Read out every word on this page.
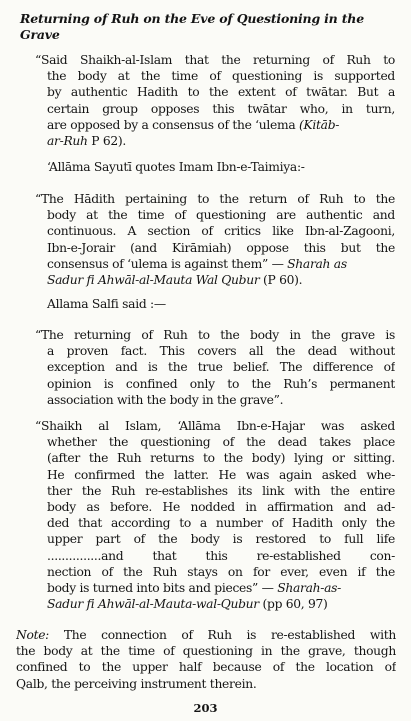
Returning of Ruh on the Eve of Questioning in the
Grave
“Said Shaikh-al-Islam that the returning of Ruh to
the body at the time of questioning is supported
by authentic Hadith to the extent of twātar. But a
certain group opposes this twātar who, in turn,
are opposed by a consensus of the ‘ulema (Kitāb-
ar-Ruh P 62).
‘Allāma Sayutī quotes Imam Ibn-e-Taimiya:-
“The Hādith pertaining to the return of Ruh to the
body at the time of questioning are authentic and
continuous. A section of critics like Ibn-al-Zagooni,
Ibn-e-Jorair (and Kirāmiah) oppose this but the
consensus of ‘ulema is against them” — Sharah as
Sadur fi Ahwāl-al-Mauta Wal Qubur (P 60).
Allama Salfi said :—
“The returning of Ruh to the body in the grave is
a proven fact. This covers all the dead without
exception and is the true belief. The difference of
opinion is confined only to the Ruh’s permanent
association with the body in the grave”.
“Shaikh al Islam, ‘Allāma Ibn-e-Hajar was asked
whether the questioning of the dead takes place
(after the Ruh returns to the body) lying or sitting.
He confirmed the latter. He was again asked whe-
ther the Ruh re-establishes its link with the entire
body as before. He nodded in affirmation and ad-
ded that according to a number of Hadith only the
upper part of the body is restored to full life
...............and that this re-established con-
nection of the Ruh stays on for ever, even if the
body is turned into bits and pieces” — Sharah-as-
Sadur fi Ahwāl-al-Mauta-wal-Qubur (pp 60, 97)
Note: The connection of Ruh is re-established with
the body at the time of questioning in the grave, though
confined to the upper half because of the location of
Qalb, the perceiving instrument therein.
203
